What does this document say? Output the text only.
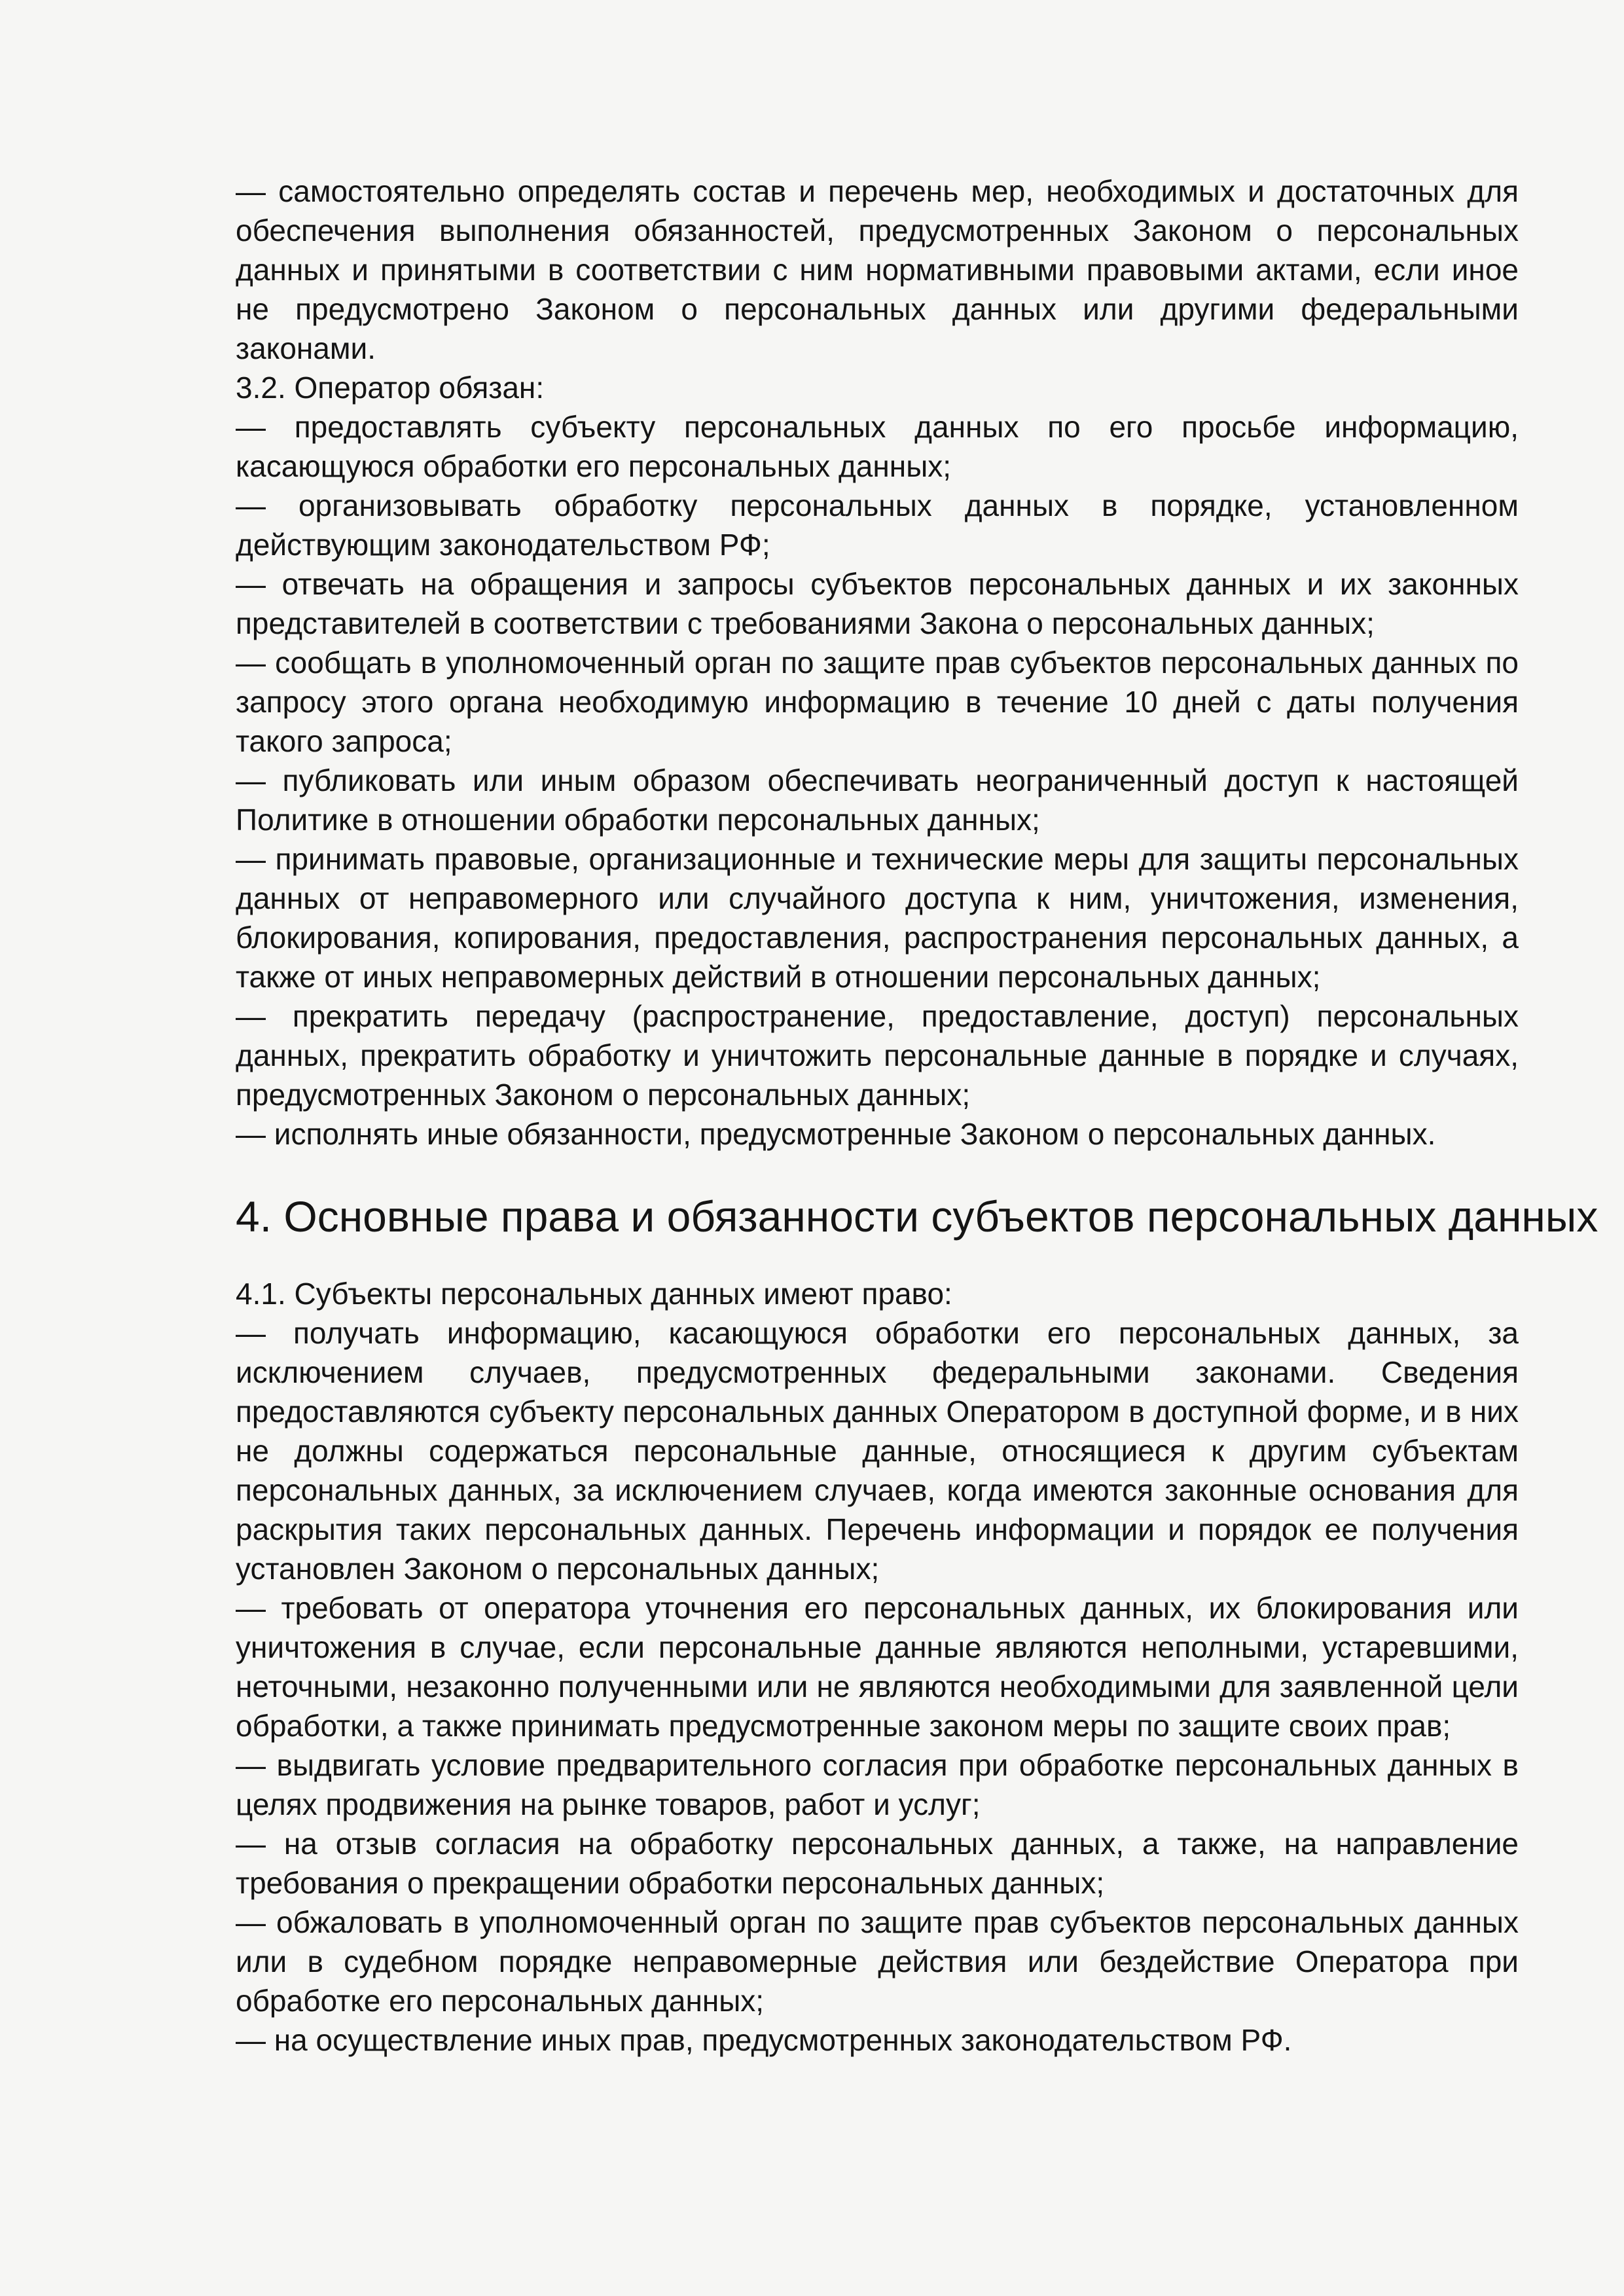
— самостоятельно определять состав и перечень мер, необходимых и достаточных для обеспечения выполнения обязанностей, предусмотренных Законом о персональных данных и принятыми в соответствии с ним нормативными правовыми актами, если иное не предусмотрено Законом о персональных данных или другими федеральными законами.

3.2. Оператор обязан:

— предоставлять субъекту персональных данных по его просьбе информацию, касающуюся обработки его персональных данных;

— организовывать обработку персональных данных в порядке, установленном действующим законодательством РФ;

— отвечать на обращения и запросы субъектов персональных данных и их законных представителей в соответствии с требованиями Закона о персональных данных;

— сообщать в уполномоченный орган по защите прав субъектов персональных данных по запросу этого органа необходимую информацию в течение 10 дней с даты получения такого запроса;

— публиковать или иным образом обеспечивать неограниченный доступ к настоящей Политике в отношении обработки персональных данных;

— принимать правовые, организационные и технические меры для защиты персональных данных от неправомерного или случайного доступа к ним, уничтожения, изменения, блокирования, копирования, предоставления, распространения персональных данных, а также от иных неправомерных действий в отношении персональных данных;

— прекратить передачу (распространение, предоставление, доступ) персональных данных, прекратить обработку и уничтожить персональные данные в порядке и случаях, предусмотренных Законом о персональных данных;

— исполнять иные обязанности, предусмотренные Законом о персональных данных.

4. Основные права и обязанности субъектов персональных данных

4.1. Субъекты персональных данных имеют право:

— получать информацию, касающуюся обработки его персональных данных, за исключением случаев, предусмотренных федеральными законами. Сведения предоставляются субъекту персональных данных Оператором в доступной форме, и в них не должны содержаться персональные данные, относящиеся к другим субъектам персональных данных, за исключением случаев, когда имеются законные основания для раскрытия таких персональных данных. Перечень информации и порядок ее получения установлен Законом о персональных данных;

— требовать от оператора уточнения его персональных данных, их блокирования или уничтожения в случае, если персональные данные являются неполными, устаревшими, неточными, незаконно полученными или не являются необходимыми для заявленной цели обработки, а также принимать предусмотренные законом меры по защите своих прав;

— выдвигать условие предварительного согласия при обработке персональных данных в целях продвижения на рынке товаров, работ и услуг;

— на отзыв согласия на обработку персональных данных, а также, на направление требования о прекращении обработки персональных данных;

— обжаловать в уполномоченный орган по защите прав субъектов персональных данных или в судебном порядке неправомерные действия или бездействие Оператора при обработке его персональных данных;

— на осуществление иных прав, предусмотренных законодательством РФ.
